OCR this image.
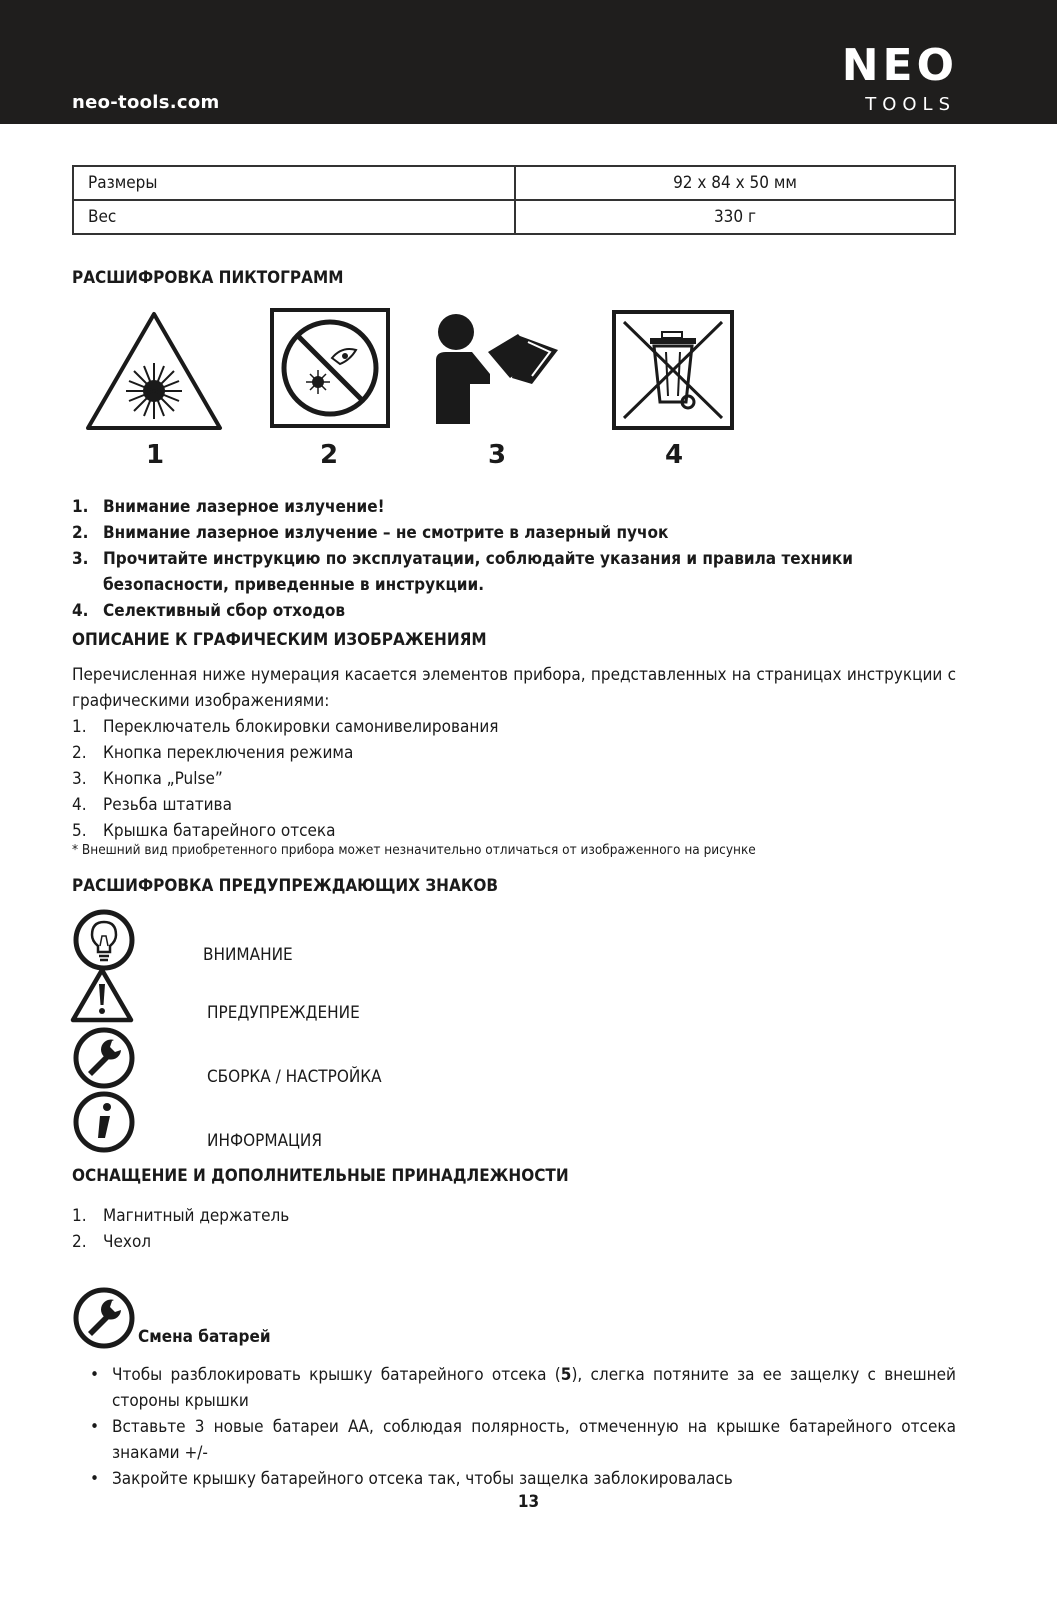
neo-tools.com
NEO
TOOLS
Размеры	92 x 84 x 50 мм
Вес	330 г
РАСШИФРОВКА ПИКТОГРАММ
1	2	3	4
1. Внимание лазерное излучение!
2. Внимание лазерное излучение – не смотрите в лазерный пучок
3. Прочитайте инструкцию по эксплуатации, соблюдайте указания и правила техники безопасности, приведенные в инструкции.
4. Селективный сбор отходов
ОПИСАНИЕ К ГРАФИЧЕСКИМ ИЗОБРАЖЕНИЯМ
Перечисленная ниже нумерация касается элементов прибора, представленных на страницах инструкции с графическими изображениями:
1. Переключатель блокировки самонивелирования
2. Кнопка переключения режима
3. Кнопка „Pulse”
4. Резьба штатива
5. Крышка батарейного отсека
* Внешний вид приобретенного прибора может незначительно отличаться от изображенного на рисунке
РАСШИФРОВКА ПРЕДУПРЕЖДАЮЩИХ ЗНАКОВ
ВНИМАНИЕ
ПРЕДУПРЕЖДЕНИЕ
СБОРКА / НАСТРОЙКА
ИНФОРМАЦИЯ
ОСНАЩЕНИЕ И ДОПОЛНИТЕЛЬНЫЕ ПРИНАДЛЕЖНОСТИ
1. Магнитный держатель
2. Чехол
Смена батарей
• Чтобы разблокировать крышку батарейного отсека (5), слегка потяните за ее защелку с внешней стороны крышки
• Вставьте 3 новые батареи АА, соблюдая полярность, отмеченную на крышке батарейного отсека знаками +/-
• Закройте крышку батарейного отсека так, чтобы защелка заблокировалась
13
